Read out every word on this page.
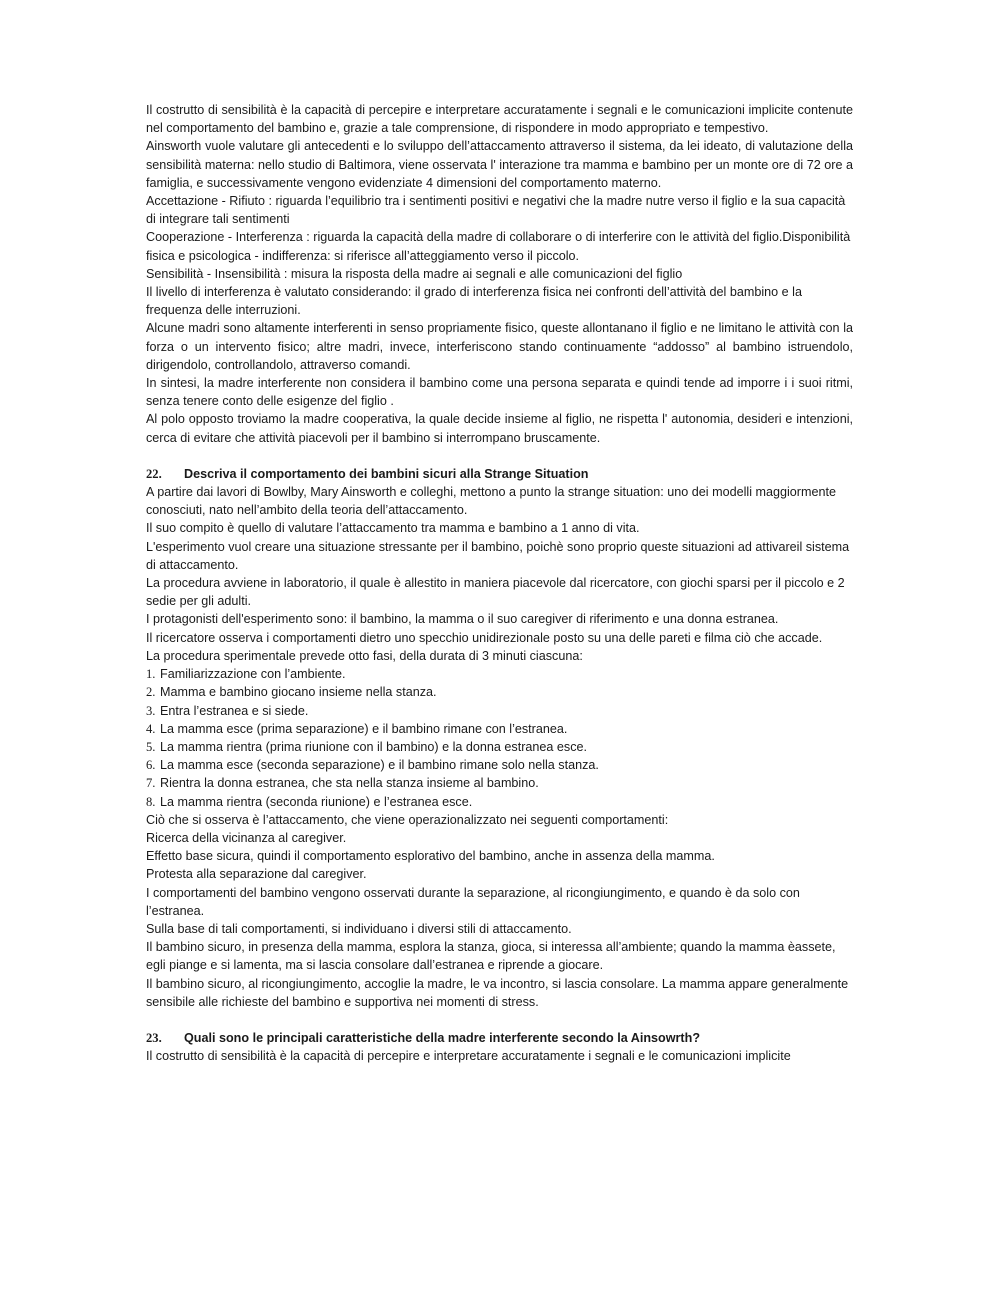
Il costrutto di sensibilità è la capacità di percepire e interpretare accuratamente i segnali e le comunicazioni implicite contenute nel comportamento del bambino e, grazie a tale comprensione, di rispondere in modo appropriato e tempestivo.

Ainsworth vuole valutare gli antecedenti e lo sviluppo dell’attaccamento attraverso il sistema, da lei ideato, di valutazione della sensibilità materna: nello studio di Baltimora, viene osservata l' interazione tra mamma e bambino per un monte ore di 72 ore a famiglia, e successivamente vengono evidenziate 4 dimensioni del comportamento materno.

Accettazione - Rifiuto : riguarda l’equilibrio tra i sentimenti positivi e negativi che la madre nutre verso il figlio e la sua capacità di integrare tali sentimenti

Cooperazione - Interferenza : riguarda la capacità della madre di collaborare o di interferire con le attività del figlio.Disponibilità fisica e psicologica - indifferenza: si riferisce all’atteggiamento verso il piccolo.

Sensibilità - Insensibilità : misura la risposta della madre ai segnali e alle comunicazioni del figlio

Il livello di interferenza è valutato considerando: il grado di interferenza fisica nei confronti dell’attività del bambino e la frequenza delle interruzioni.

Alcune madri sono altamente interferenti in senso propriamente fisico, queste allontanano il figlio e ne limitano le attività con la forza o un intervento fisico; altre madri, invece, interferiscono stando continuamente “addosso” al bambino istruendolo, dirigendolo, controllandolo, attraverso comandi.

In sintesi, la madre interferente non considera il bambino come una persona separata e quindi tende ad imporre i i suoi ritmi, senza tenere conto delle esigenze del figlio .

Al polo opposto troviamo la madre cooperativa, la quale decide insieme al figlio, ne rispetta l' autonomia, desideri e intenzioni, cerca di evitare che attività piacevoli per il bambino si interrompano bruscamente.

22. Descriva il comportamento dei bambini sicuri alla Strange Situation

A partire dai lavori di Bowlby, Mary Ainsworth e colleghi, mettono a punto la strange situation: uno dei modelli maggiormente conosciuti, nato nell’ambito della teoria dell’attaccamento.

Il suo compito è quello di valutare l’attaccamento tra mamma e bambino a 1 anno di vita.

L'esperimento vuol creare una situazione stressante per il bambino, poichè sono proprio queste situazioni ad attivareil sistema di attaccamento.

La procedura avviene in laboratorio, il quale è allestito in maniera piacevole dal ricercatore, con giochi sparsi per il piccolo e 2 sedie per gli adulti.

I protagonisti dell'esperimento sono: il bambino, la mamma o il suo caregiver di riferimento e una donna estranea.

Il ricercatore osserva i comportamenti dietro uno specchio unidirezionale posto su una delle pareti e filma ciò che accade.

La procedura sperimentale prevede otto fasi, della durata di 3 minuti ciascuna:

1. Familiarizzazione con l’ambiente.

2. Mamma e bambino giocano insieme nella stanza.

3. Entra l’estranea e si siede.

4. La mamma esce (prima separazione) e il bambino rimane con l’estranea.

5. La mamma rientra (prima riunione con il bambino) e la donna estranea esce.

6. La mamma esce (seconda separazione) e il bambino rimane solo nella stanza.

7. Rientra la donna estranea, che sta nella stanza insieme al bambino.

8. La mamma rientra (seconda riunione) e l’estranea esce.

Ciò che si osserva è l’attaccamento, che viene operazionalizzato nei seguenti comportamenti:

Ricerca della vicinanza al caregiver.

Effetto base sicura, quindi il comportamento esplorativo del bambino, anche in assenza della mamma.

Protesta alla separazione dal caregiver.

I comportamenti del bambino vengono osservati durante la separazione, al ricongiungimento, e quando è da solo con l’estranea.

Sulla base di tali comportamenti, si individuano i diversi stili di attaccamento.

Il bambino sicuro, in presenza della mamma, esplora la stanza, gioca, si interessa all’ambiente; quando la mamma èassete, egli piange e si lamenta, ma si lascia consolare dall’estranea e riprende a giocare.

Il bambino sicuro, al ricongiungimento, accoglie la madre, le va incontro, si lascia consolare. La mamma appare generalmente sensibile alle richieste del bambino e supportiva nei momenti di stress.

23. Quali sono le principali caratteristiche della madre interferente secondo la Ainsowrth?

Il costrutto di sensibilità è la capacità di percepire e interpretare accuratamente i segnali e le comunicazioni implicite
